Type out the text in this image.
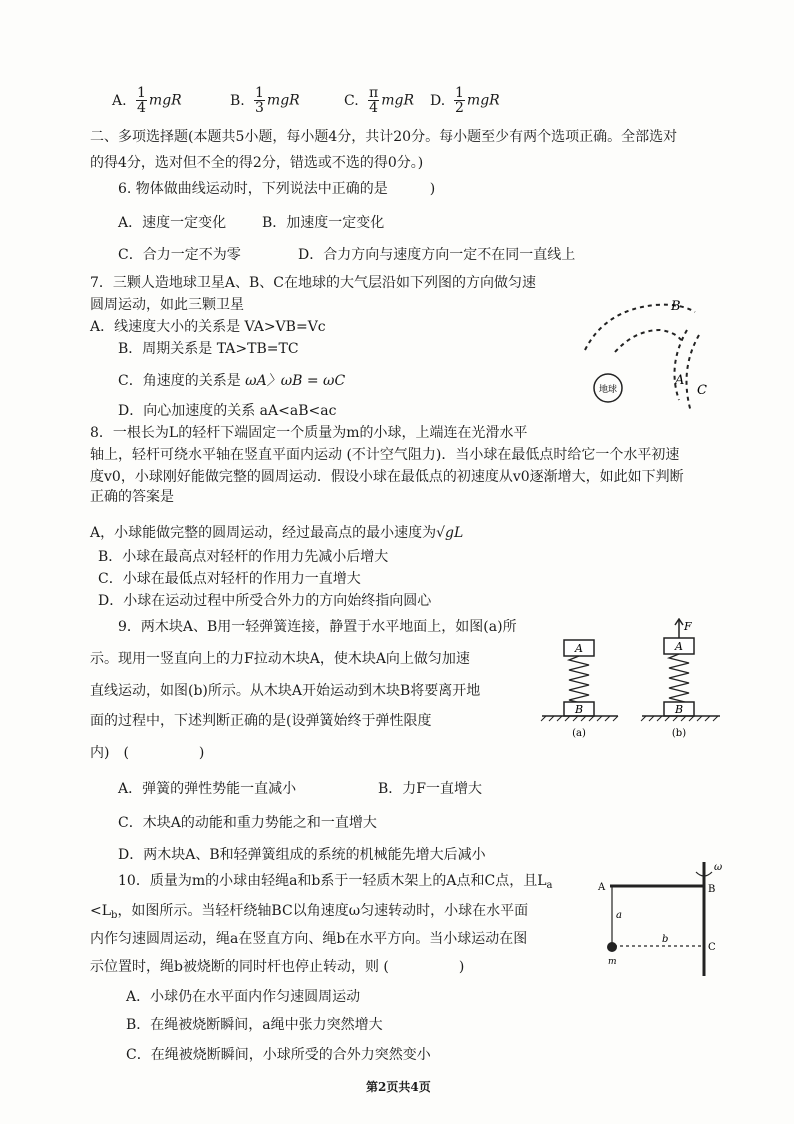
A. $\frac{1}{4}$ mgR	B. $\frac{1}{3}$ mgR	C. $\frac{\pi}{4}$ mgR D. $\frac{1}{2}$ mgR
二、多项选择题(本题共5小题，每小题4分，共计20分。每小题至少有两个选项正确。全部选对
的得4分，选对但不全的得2分，错选或不选的得0分。)
6. 物体做曲线运动时，下列说法中正确的是　　　)
A．速度一定变化	B．加速度一定变化
C．合力一定不为零	D．合力方向与速度方向一定不在同一直线上
7．三颗人造地球卫星A、B、C在地球的大气层沿如下列图的方向做匀速
圆周运动，如此三颗卫星
A．线速度大小的关系是 VA>VB=Vc
B．周期关系是 TA>TB=TC
C．角速度的关系是 ωA〉ωB = ωC
D．向心加速度的关系 aA<aB<ac
地球
B
A
C
8．一根长为L的轻杆下端固定一个质量为m的小球，上端连在光滑水平
轴上，轻杆可绕水平轴在竖直平面内运动 (不计空气阻力)．当小球在最低点时给它一个水平初速
度v0，小球刚好能做完整的圆周运动．假设小球在最低点的初速度从v0逐渐增大，如此如下判断
正确的答案是
A，小球能做完整的圆周运动，经过最高点的最小速度为√gL
B．小球在最高点对轻杆的作用力先减小后增大
C．小球在最低点对轻杆的作用力一直增大
D．小球在运动过程中所受合外力的方向始终指向圆心
9．两木块A、B用一轻弹簧连接，静置于水平地面上，如图(a)所
示。现用一竖直向上的力F拉动木块A，使木块A向上做匀加速
直线运动，如图(b)所示。从木块A开始运动到木块B将要离开地
面的过程中，下述判断正确的是(设弹簧始终于弹性限度
内)　(　　　　　)
A．弹簧的弹性势能一直减小	B．力F一直增大
C．木块A的动能和重力势能之和一直增大
D．两木块A、B和轻弹簧组成的系统的机械能先增大后减小
A
B
(a)
F
A
B
(b)
10．质量为m的小球由轻绳a和b系于一轻质木架上的A点和C点，且$L_a$
$<L_b$，如图所示。当轻杆绕轴BC以角速度ω匀速转动时，小球在水平面
内作匀速圆周运动，绳a在竖直方向、绳b在水平方向。当小球运动在图
示位置时，绳b被烧断的同时杆也停止转动，则 (　　　　　)
A．小球仍在水平面内作匀速圆周运动
B．在绳被烧断瞬间，a绳中张力突然增大
C．在绳被烧断瞬间，小球所受的合外力突然变小
A	B
C
a
b
m
ω
第2页共4页
